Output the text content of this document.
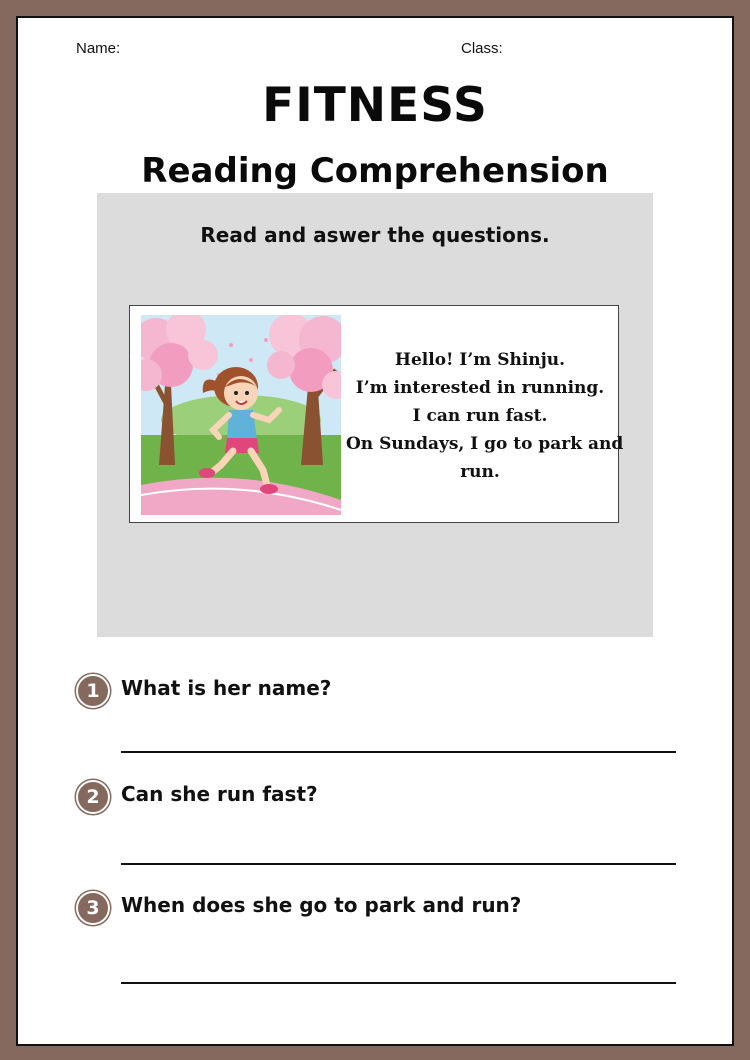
Name:	Class:
FITNESS
Reading Comprehension
Read and aswer the questions.
Hello! I’m Shinju.
I’m interested in running.
I can run fast.
On Sundays, I go to park and
run.
1	What is her name?
2	Can she run fast?
3	When does she go to park and run?
